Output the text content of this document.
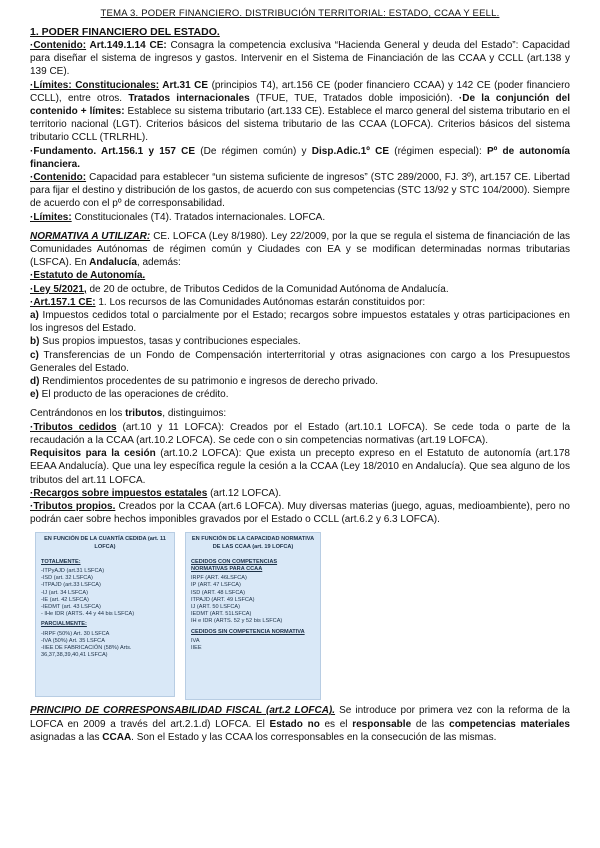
TEMA 3. PODER FINANCIERO. DISTRIBUCIÓN TERRITORIAL: ESTADO, CCAA Y EELL.
1. PODER FINANCIERO DEL ESTADO.

·Contenido: Art.149.1.14 CE: Consagra la competencia exclusiva “Hacienda General y deuda del Estado”: Capacidad para diseñar el sistema de ingresos y gastos. Intervenir en el Sistema de Financiación de las CCAA y CCLL (art.138 y 139 CE).

·Límites: Constitucionales: Art.31 CE (principios T4), art.156 CE (poder financiero CCAA) y 142 CE (poder financiero CCLL), entre otros. Tratados internacionales (TFUE, TUE, Tratados doble imposición). ·De la conjunción del contenido + límites: Establece su sistema tributario (art.133 CE). Establece el marco general del sistema tributario en el territorio nacional (LGT). Criterios básicos del sistema tributario de las CCAA (LOFCA). Criterios básicos del sistema tributario CCLL (TRLRHL).

·Fundamento. Art.156.1 y 157 CE (De régimen común) y Disp.Adic.1º CE (régimen especial): Pº de autonomía financiera.

·Contenido: Capacidad para establecer “un sistema suficiente de ingresos” (STC 289/2000, FJ. 3º), art.157 CE. Libertad para fijar el destino y distribución de los gastos, de acuerdo con sus competencias (STC 13/92 y STC 104/2000). Siempre de acuerdo con el pº de corresponsabilidad.

·Límites: Constitucionales (T4). Tratados internacionales. LOFCA.

NORMATIVA A UTILIZAR: CE. LOFCA (Ley 8/1980). Ley 22/2009, por la que se regula el sistema de financiación de las Comunidades Autónomas de régimen común y Ciudades con EA y se modifican determinadas normas tributarias (LSFCA). En Andalucía, además:

·Estatuto de Autonomía.

·Ley 5/2021, de 20 de octubre, de Tributos Cedidos de la Comunidad Autónoma de Andalucía.

·Art.157.1 CE: 1. Los recursos de las Comunidades Autónomas estarán constituidos por:

a) Impuestos cedidos total o parcialmente por el Estado; recargos sobre impuestos estatales y otras participaciones en los ingresos del Estado.

b) Sus propios impuestos, tasas y contribuciones especiales.

c) Transferencias de un Fondo de Compensación interterritorial y otras asignaciones con cargo a los Presupuestos Generales del Estado.

d) Rendimientos procedentes de su patrimonio e ingresos de derecho privado.

e) El producto de las operaciones de crédito.

Centrándonos en los tributos, distinguimos:

·Tributos cedidos (art.10 y 11 LOFCA): Creados por el Estado (art.10.1 LOFCA). Se cede toda o parte de la recaudación a la CCAA (art.10.2 LOFCA). Se cede con o sin competencias normativas (art.19 LOFCA).

Requisitos para la cesión (art.10.2 LOFCA): Que exista un precepto expreso en el Estatuto de autonomía (art.178 EEAA Andalucía). Que una ley específica regule la cesión a la CCAA (Ley 18/2010 en Andalucía). Que sea alguno de los tributos del art.11 LOFCA.

·Recargos sobre impuestos estatales (art.12 LOFCA).

·Tributos propios. Creados por la CCAA (art.6 LOFCA). Muy diversas materias (juego, aguas, medioambiente), pero no podrán caer sobre hechos imponibles gravados por el Estado o CCLL (art.6.2 y 6.3 LOFCA).

EN FUNCIÓN DE LA CUANTÍA CEDIDA (art. 11 LOFCA)
TOTALMENTE:
-ITPyAJD (art.31 LSFCA)
-ISD (art. 32 LSFCA)
-ITPAJD (art.33 LSFCA)
-IJ (art. 34 LSFCA)
-IE (art. 42 LSFCA)
-IEDMT (art. 43 LSFCA)
- IHe IDR (ARTS. 44 y 44 bis LSFCA)
PARCIALMENTE:
-IRPF (50%) Art. 30 LSFCA
-IVA (50%) Art. 35 LSFCA
-IIEE DE FABRICACIÓN (58%) Arts.
36,37,38,39,40,41 LSFCA)
EN FUNCIÓN DE LA CAPACIDAD NORMATIVA DE LAS CCAA (art. 19 LOFCA)
CEDIDOS CON COMPETENCIAS NORMATIVAS PARA CCAA
IRPF (ART. 46LSFCA)
IP (ART. 47 LSFCA)
ISD (ART. 48 LSFCA)
ITPAJD (ART. 49 LSFCA)
IJ (ART. 50 LSFCA)
IEDMT (ART. 51LSFCA)
IH e IDR (ARTS. 52 y 52 bis LSFCA)
CEDIDOS SIN COMPETENCIA NORMATIVA
IVA
IIEE

PRINCIPIO DE CORRESPONSABILIDAD FISCAL (art.2 LOFCA). Se introduce por primera vez con la reforma de la LOFCA en 2009 a través del art.2.1.d) LOFCA. El Estado no es el responsable de las competencias materiales asignadas a las CCAA. Son el Estado y las CCAA los corresponsables en la consecución de las mismas.
